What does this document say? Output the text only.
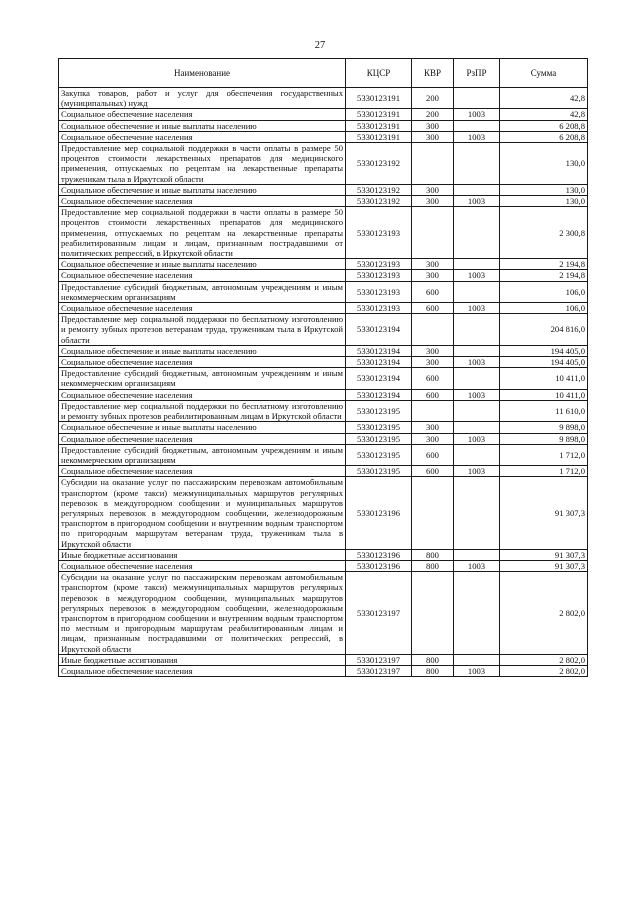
27
Наименование	КЦСР	КВР	РзПР	Сумма
Закупка товаров, работ и услуг для обеспечения государственных (муниципальных) нужд	5330123191	200		42,8
Социальное обеспечение населения	5330123191	200	1003	42,8
Социальное обеспечение и иные выплаты населению	5330123191	300		6 208,8
Социальное обеспечение населения	5330123191	300	1003	6 208,8
Предоставление мер социальной поддержки в части оплаты в размере 50 процентов стоимости лекарственных препаратов для медицинского применения, отпускаемых по рецептам на лекарственные препараты труженикам тыла в Иркутской области	5330123192			130,0
Социальное обеспечение и иные выплаты населению	5330123192	300		130,0
Социальное обеспечение населения	5330123192	300	1003	130,0
Предоставление мер социальной поддержки в части оплаты в размере 50 процентов стоимости лекарственных препаратов для медицинского применения, отпускаемых по рецептам на лекарственные препараты реабилитированным лицам и лицам, признанным пострадавшими от политических репрессий, в Иркутской области	5330123193			2 300,8
Социальное обеспечение и иные выплаты населению	5330123193	300		2 194,8
Социальное обеспечение населения	5330123193	300	1003	2 194,8
Предоставление субсидий бюджетным, автономным учреждениям и иным некоммерческим организациям	5330123193	600		106,0
Социальное обеспечение населения	5330123193	600	1003	106,0
Предоставление мер социальной поддержки по бесплатному изготовлению и ремонту зубных протезов ветеранам труда, труженикам тыла в Иркутской области	5330123194			204 816,0
Социальное обеспечение и иные выплаты населению	5330123194	300		194 405,0
Социальное обеспечение населения	5330123194	300	1003	194 405,0
Предоставление субсидий бюджетным, автономным учреждениям и иным некоммерческим организациям	5330123194	600		10 411,0
Социальное обеспечение населения	5330123194	600	1003	10 411,0
Предоставление мер социальной поддержки по бесплатному изготовлению и ремонту зубных протезов реабилитированным лицам в Иркутской области	5330123195			11 610,0
Социальное обеспечение и иные выплаты населению	5330123195	300		9 898,0
Социальное обеспечение населения	5330123195	300	1003	9 898,0
Предоставление субсидий бюджетным, автономным учреждениям и иным некоммерческим организациям	5330123195	600		1 712,0
Социальное обеспечение населения	5330123195	600	1003	1 712,0
Субсидии на оказание услуг по пассажирским перевозкам автомобильным транспортом (кроме такси) межмуниципальных маршрутов регулярных перевозок в междугородном сообщении и муниципальных маршрутов регулярных перевозок в междугородном сообщении, железнодорожным транспортом в пригородном сообщении и внутренним водным транспортом по пригородным маршрутам ветеранам труда, труженикам тыла в Иркутской области	5330123196			91 307,3
Иные бюджетные ассигнования	5330123196	800		91 307,3
Социальное обеспечение населения	5330123196	800	1003	91 307,3
Субсидии на оказание услуг по пассажирским перевозкам автомобильным транспортом (кроме такси) межмуниципальных маршрутов регулярных перевозок в междугородном сообщении, муниципальных маршрутов регулярных перевозок в междугородном сообщении, железнодорожным транспортом в пригородном сообщении и внутренним водным транспортом по местным и пригородным маршрутам реабилитированным лицам и лицам, признанным пострадавшими от политических репрессий, в Иркутской области	5330123197			2 802,0
Иные бюджетные ассигнования	5330123197	800		2 802,0
Социальное обеспечение населения	5330123197	800	1003	2 802,0
